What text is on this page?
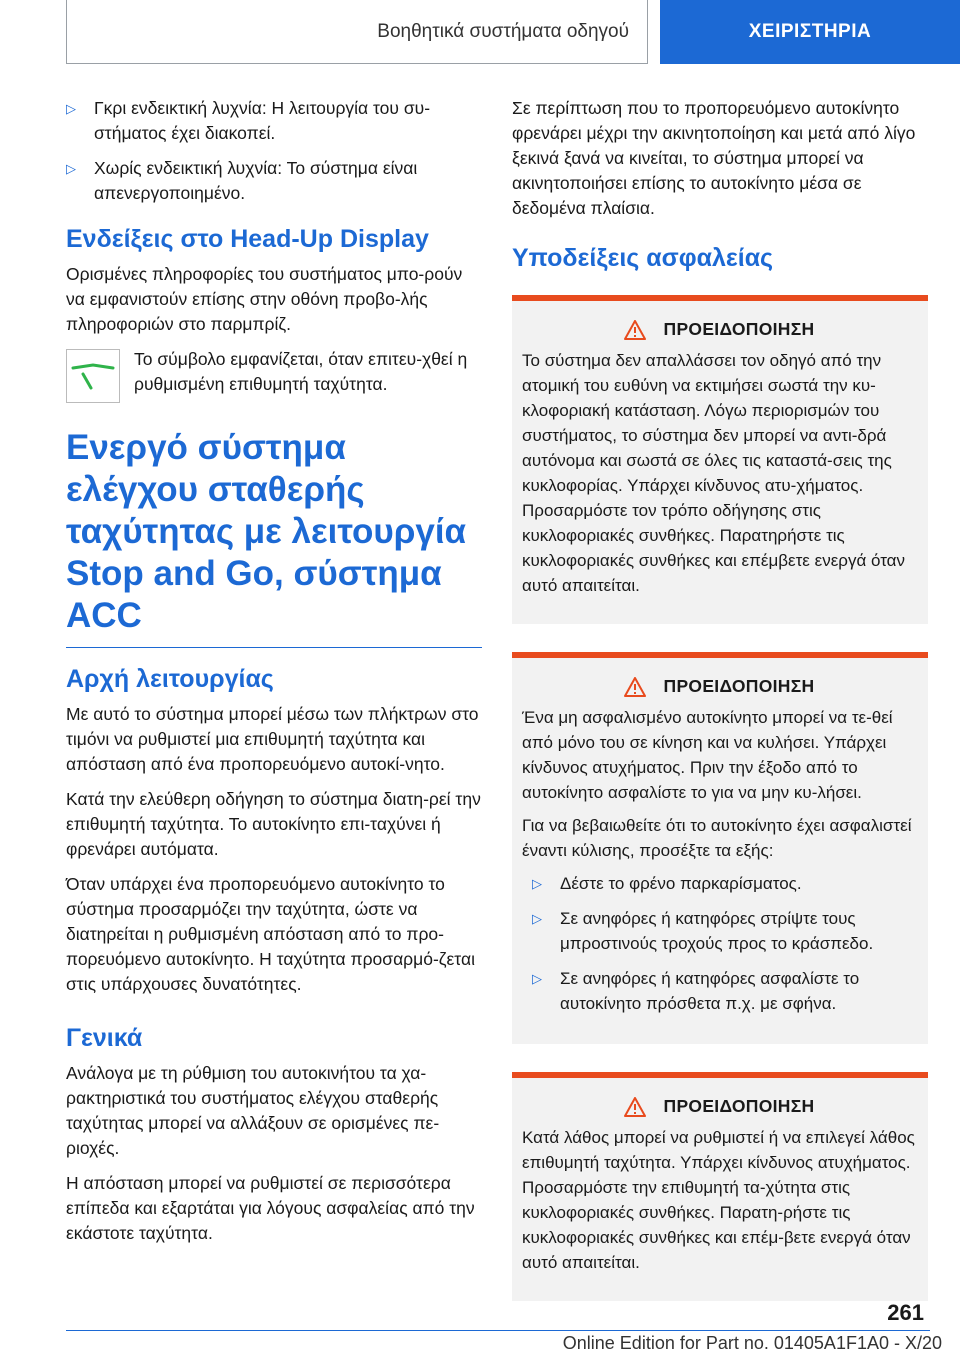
Βοηθητικά συστήματα οδηγού	ΧΕΙΡΙΣΤΗΡΙΑ
▷	Γκρι ενδεικτική λυχνία: Η λειτουργία του συ-στήματος έχει διακοπεί.
▷	Χωρίς ενδεικτική λυχνία: Το σύστημα είναι απενεργοποιημένο.
Ενδείξεις στο Head-Up Display

Ορισμένες πληροφορίες του συστήματος μπο-ρούν να εμφανιστούν επίσης στην οθόνη προβο-λής πληροφοριών στο παρμπρίζ.

Το σύμβολο εμφανίζεται, όταν επιτευ-χθεί η ρυθμισμένη επιθυμητή ταχύτητα.

Ενεργό σύστημα ελέγχου σταθερής ταχύτητας με λειτουργία Stop and Go, σύστημα ACC
Αρχή λειτουργίας

Με αυτό το σύστημα μπορεί μέσω των πλήκτρων στο τιμόνι να ρυθμιστεί μια επιθυμητή ταχύτητα και απόσταση από ένα προπορευόμενο αυτοκί-νητο.

Κατά την ελεύθερη οδήγηση το σύστημα διατη-ρεί την επιθυμητή ταχύτητα. Το αυτοκίνητο επι-ταχύνει ή φρενάρει αυτόματα.

Όταν υπάρχει ένα προπορευόμενο αυτοκίνητο το σύστημα προσαρμόζει την ταχύτητα, ώστε να διατηρείται η ρυθμισμένη απόσταση από το προ-πορευόμενο αυτοκίνητο. Η ταχύτητα προσαρμό-ζεται στις υπάρχουσες δυνατότητες.

Γενικά

Ανάλογα με τη ρύθμιση του αυτοκινήτου τα χα-ρακτηριστικά του συστήματος ελέγχου σταθερής ταχύτητας μπορεί να αλλάξουν σε ορισμένες πε-ριοχές.

Η απόσταση μπορεί να ρυθμιστεί σε περισσότερα επίπεδα και εξαρτάται για λόγους ασφαλείας από την εκάστοτε ταχύτητα.

Σε περίπτωση που το προπορευόμενο αυτοκίνητο φρενάρει μέχρι την ακινητοποίηση και μετά από λίγο ξεκινά ξανά να κινείται, το σύστημα μπορεί να ακινητοποιήσει επίσης το αυτοκίνητο μέσα σε δεδομένα πλαίσια.

Υποδείξεις ασφαλείας
ΠΡΟΕΙΔΟΠΟΙΗΣΗ

Το σύστημα δεν απαλλάσσει τον οδηγό από την ατομική του ευθύνη να εκτιμήσει σωστά την κυ-κλοφοριακή κατάσταση. Λόγω περιορισμών του συστήματος, το σύστημα δεν μπορεί να αντι-δρά αυτόνομα και σωστά σε όλες τις καταστά-σεις της κυκλοφορίας. Υπάρχει κίνδυνος ατυ-χήματος. Προσαρμόστε τον τρόπο οδήγησης στις κυκλοφοριακές συνθήκες. Παρατηρήστε τις κυκλοφοριακές συνθήκες και επέμβετε ενεργά όταν αυτό απαιτείται.

ΠΡΟΕΙΔΟΠΟΙΗΣΗ

Ένα μη ασφαλισμένο αυτοκίνητο μπορεί να τε-θεί από μόνο του σε κίνηση και να κυλήσει. Υπάρχει κίνδυνος ατυχήματος. Πριν την έξοδο από το αυτοκίνητο ασφαλίστε το για να μην κυ-λήσει.

Για να βεβαιωθείτε ότι το αυτοκίνητο έχει ασφαλιστεί έναντι κύλισης, προσέξτε τα εξής:

▷	Δέστε το φρένο παρκαρίσματος.
▷	Σε ανηφόρες ή κατηφόρες στρίψτε τους μπροστινούς τροχούς προς το κράσπεδο.
▷	Σε ανηφόρες ή κατηφόρες ασφαλίστε το αυτοκίνητο πρόσθετα π.χ. με σφήνα.
ΠΡΟΕΙΔΟΠΟΙΗΣΗ

Κατά λάθος μπορεί να ρυθμιστεί ή να επιλεγεί λάθος επιθυμητή ταχύτητα. Υπάρχει κίνδυνος ατυχήματος. Προσαρμόστε την επιθυμητή τα-χύτητα στις κυκλοφοριακές συνθήκες. Παρατη-ρήστε τις κυκλοφοριακές συνθήκες και επέμ-βετε ενεργά όταν αυτό απαιτείται.

261
Online Edition for Part no. 01405A1F1A0 - X/20
